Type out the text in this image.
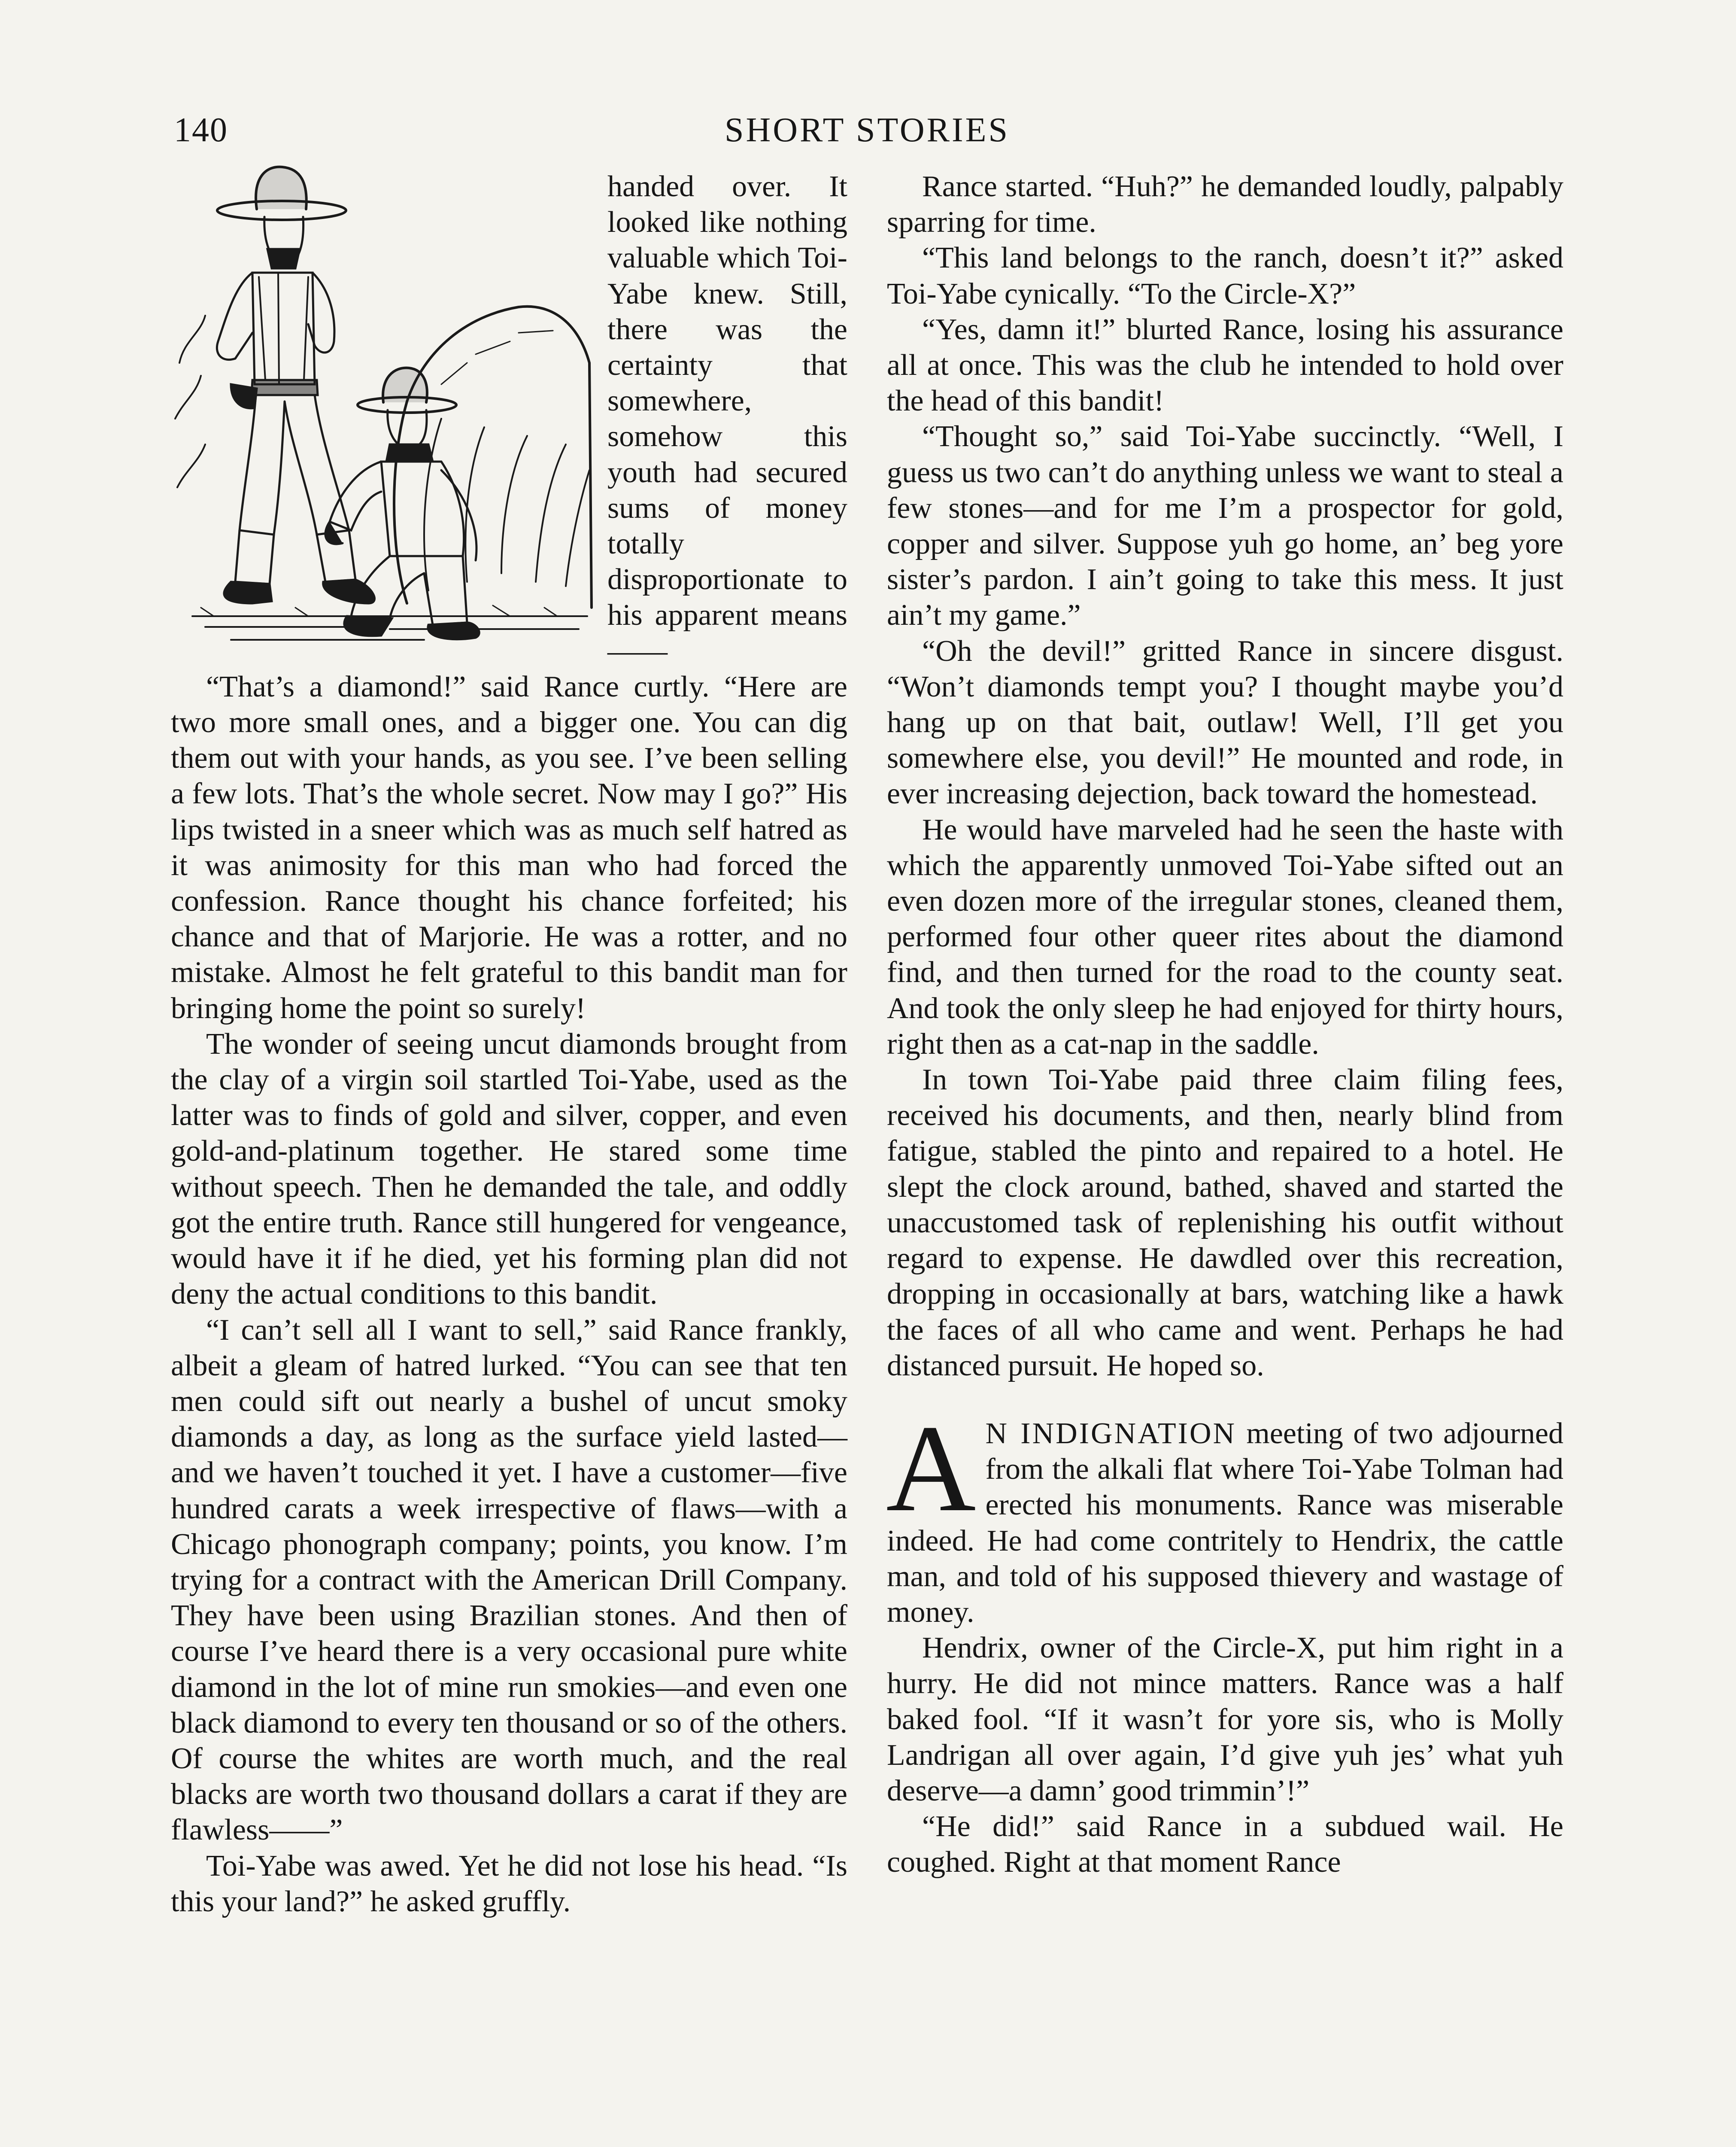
140	SHORT STORIES

handed over. It looked like nothing valuable which Toi-Yabe knew. Still, there was the certainty that somewhere, somehow this youth had secured sums of money totally disproportionate to his apparent means——

“That’s a diamond!” said Rance curtly. “Here are two more small ones, and a bigger one. You can dig them out with your hands, as you see. I’ve been selling a few lots. That’s the whole secret. Now may I go?” His lips twisted in a sneer which was as much self hatred as it was animosity for this man who had forced the confession. Rance thought his chance forfeited; his chance and that of Marjorie. He was a rotter, and no mistake. Almost he felt grateful to this bandit man for bringing home the point so surely!

The wonder of seeing uncut diamonds brought from the clay of a virgin soil startled Toi-Yabe, used as the latter was to finds of gold and silver, copper, and even gold-and-platinum together. He stared some time without speech. Then he demanded the tale, and oddly got the entire truth. Rance still hungered for vengeance, would have it if he died, yet his forming plan did not deny the actual conditions to this bandit.

“I can’t sell all I want to sell,” said Rance frankly, albeit a gleam of hatred lurked. “You can see that ten men could sift out nearly a bushel of uncut smoky diamonds a day, as long as the surface yield lasted—and we haven’t touched it yet. I have a customer—five hundred carats a week irrespective of flaws—with a Chicago phonograph company; points, you know. I’m trying for a contract with the American Drill Company. They have been using Brazilian stones. And then of course I’ve heard there is a very occasional pure white diamond in the lot of mine run smokies—and even one black diamond to every ten thousand or so of the others. Of course the whites are worth much, and the real blacks are worth two thousand dollars a carat if they are flawless——”

Toi-Yabe was awed. Yet he did not lose his head. “Is this your land?” he asked gruffly.

Rance started. “Huh?” he demanded loudly, palpably sparring for time.

“This land belongs to the ranch, doesn’t it?” asked Toi-Yabe cynically. “To the Circle-X?”

“Yes, damn it!” blurted Rance, losing his assurance all at once. This was the club he intended to hold over the head of this bandit!

“Thought so,” said Toi-Yabe succinctly. “Well, I guess us two can’t do anything unless we want to steal a few stones—and for me I’m a prospector for gold, copper and silver. Suppose yuh go home, an’ beg yore sister’s pardon. I ain’t going to take this mess. It just ain’t my game.”

“Oh the devil!” gritted Rance in sincere disgust. “Won’t diamonds tempt you? I thought maybe you’d hang up on that bait, outlaw! Well, I’ll get you somewhere else, you devil!” He mounted and rode, in ever increasing dejection, back toward the homestead.

He would have marveled had he seen the haste with which the apparently unmoved Toi-Yabe sifted out an even dozen more of the irregular stones, cleaned them, performed four other queer rites about the diamond find, and then turned for the road to the county seat. And took the only sleep he had enjoyed for thirty hours, right then as a cat-nap in the saddle.

In town Toi-Yabe paid three claim filing fees, received his documents, and then, nearly blind from fatigue, stabled the pinto and repaired to a hotel. He slept the clock around, bathed, shaved and started the unaccustomed task of replenishing his outfit without regard to expense. He dawdled over this recreation, dropping in occasionally at bars, watching like a hawk the faces of all who came and went. Perhaps he had distanced pursuit. He hoped so.

A N INDIGNATION meeting of two adjourned from the alkali flat where Toi-Yabe Tolman had erected his monuments. Rance was miserable indeed. He had come contritely to Hendrix, the cattle man, and told of his supposed thievery and wastage of money.

Hendrix, owner of the Circle-X, put him right in a hurry. He did not mince matters. Rance was a half baked fool. “If it wasn’t for yore sis, who is Molly Landrigan all over again, I’d give yuh jes’ what yuh deserve—a damn’ good trimmin’!”

“He did!” said Rance in a subdued wail. He coughed. Right at that moment Rance
